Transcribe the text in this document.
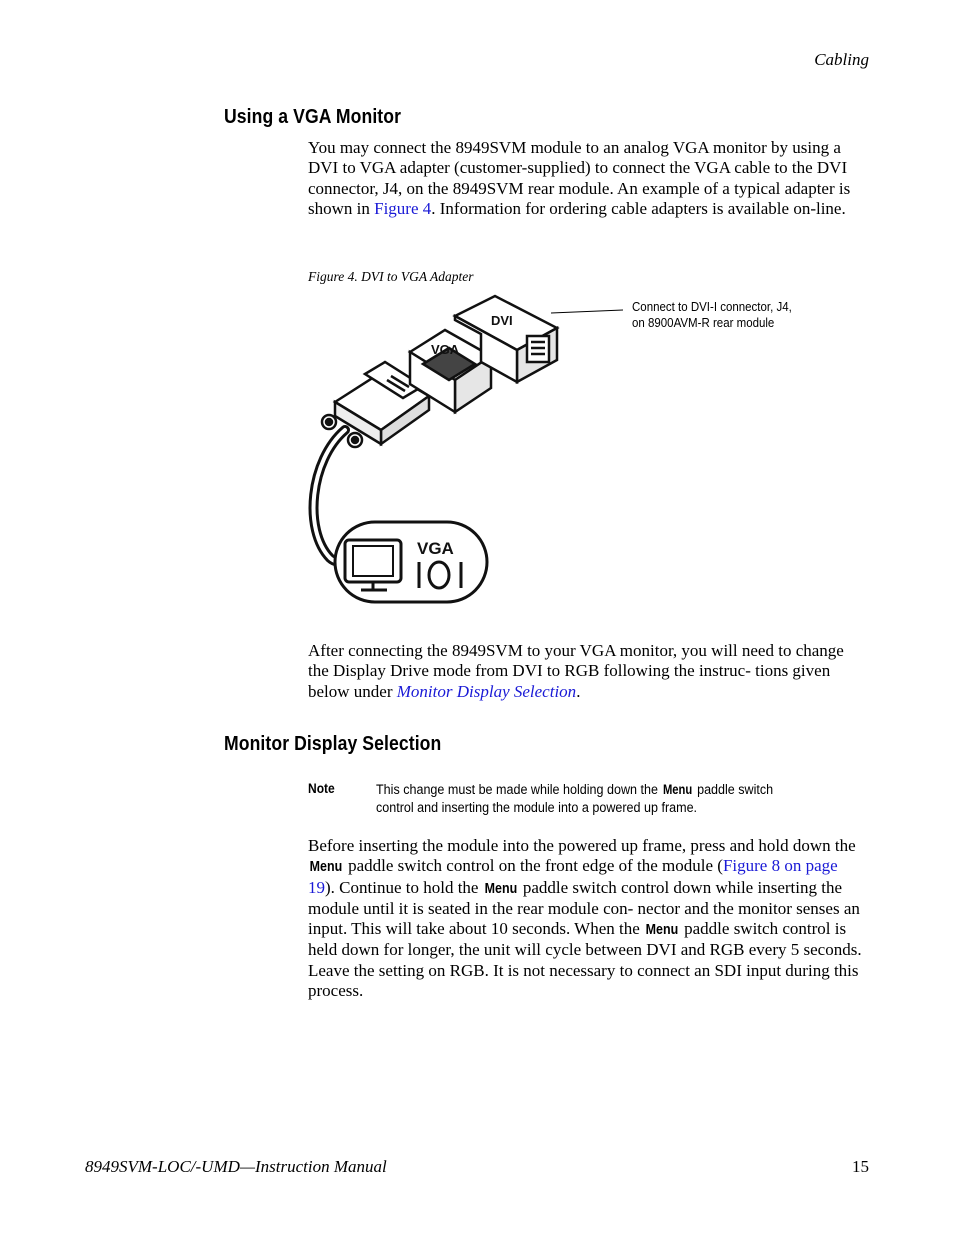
Cabling
Using a VGA Monitor

You may connect the 8949SVM module to an analog VGA monitor by using a DVI to VGA adapter (customer-supplied) to connect the VGA cable to the DVI connector, J4, on the 8949SVM rear module. An example of a typical adapter is shown in Figure 4. Information for ordering cable adapters is available on-line.

Figure 4. DVI to VGA Adapter
Connect to DVI-I connector, J4,
on 8900AVM-R rear module
VGA
DVI
VGA

After connecting the 8949SVM to your VGA monitor, you will need to change the Display Drive mode from DVI to RGB following the instruc- tions given below under Monitor Display Selection.

Monitor Display Selection
Note	This change must be made while holding down the Menu paddle switch control and inserting the module into a powered up frame.

Before inserting the module into the powered up frame, press and hold down the Menu paddle switch control on the front edge of the module (Figure 8 on page 19). Continue to hold the Menu paddle switch control down while inserting the module until it is seated in the rear module con- nector and the monitor senses an input. This will take about 10 seconds. When the Menu paddle switch control is held down for longer, the unit will cycle between DVI and RGB every 5 seconds. Leave the setting on RGB. It is not necessary to connect an SDI input during this process.

8949SVM-LOC/-UMD—Instruction Manual	15
